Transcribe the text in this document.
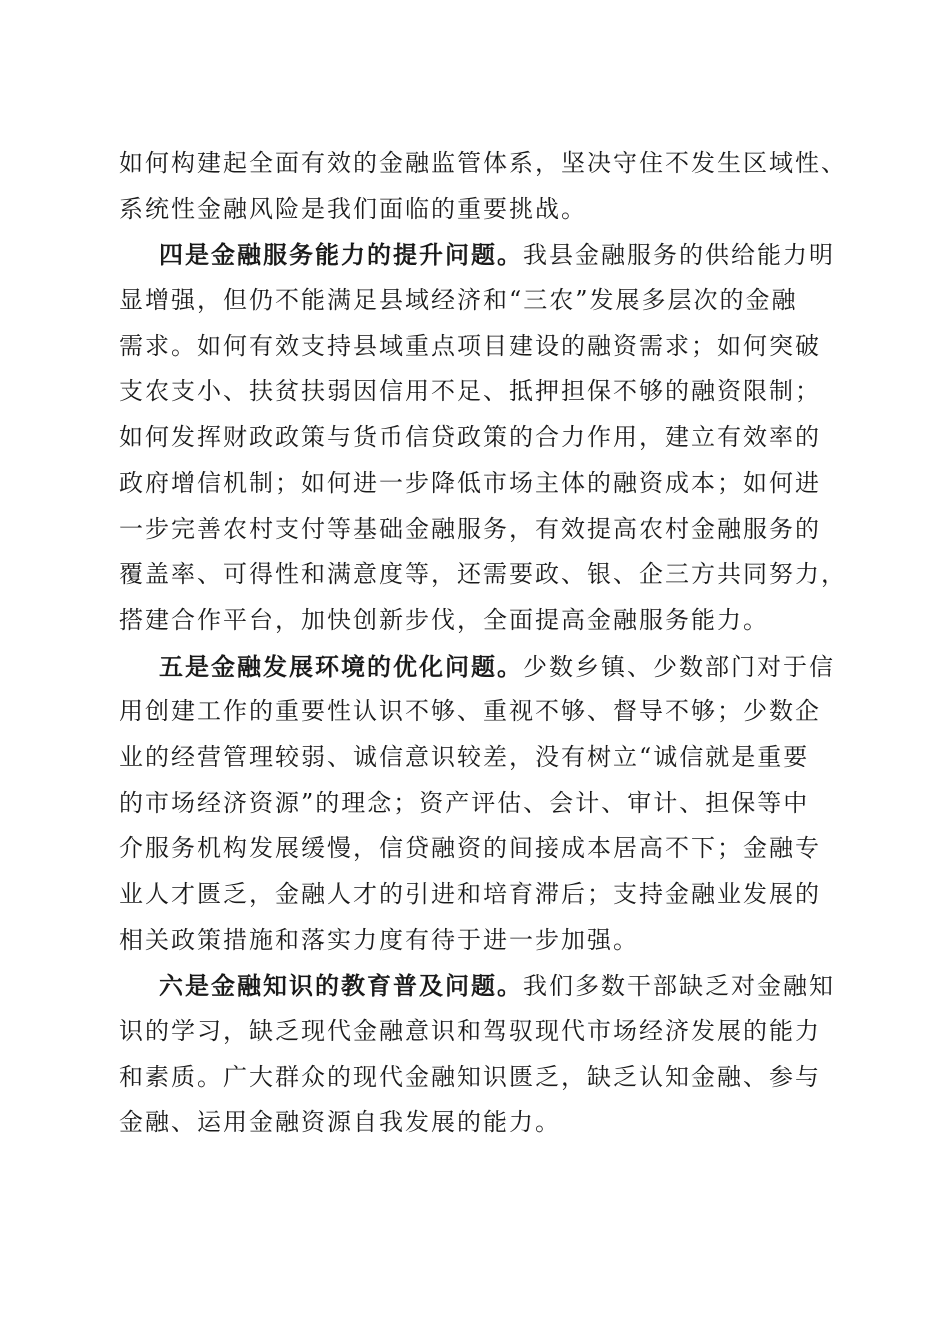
如何构建起全面有效的金融监管体系，坚决守住不发生区域性、
系统性金融风险是我们面临的重要挑战。
四是金融服务能力的提升问题。我县金融服务的供给能力明
显增强，但仍不能满足县域经济和“三农”发展多层次的金融
需求。如何有效支持县域重点项目建设的融资需求；如何突破
支农支小、扶贫扶弱因信用不足、抵押担保不够的融资限制；
如何发挥财政政策与货币信贷政策的合力作用，建立有效率的
政府增信机制；如何进一步降低市场主体的融资成本；如何进
一步完善农村支付等基础金融服务，有效提高农村金融服务的
覆盖率、可得性和满意度等，还需要政、银、企三方共同努力，
搭建合作平台，加快创新步伐，全面提高金融服务能力。
五是金融发展环境的优化问题。少数乡镇、少数部门对于信
用创建工作的重要性认识不够、重视不够、督导不够；少数企
业的经营管理较弱、诚信意识较差，没有树立“诚信就是重要
的市场经济资源”的理念；资产评估、会计、审计、担保等中
介服务机构发展缓慢，信贷融资的间接成本居高不下；金融专
业人才匮乏，金融人才的引进和培育滞后；支持金融业发展的
相关政策措施和落实力度有待于进一步加强。
六是金融知识的教育普及问题。我们多数干部缺乏对金融知
识的学习，缺乏现代金融意识和驾驭现代市场经济发展的能力
和素质。广大群众的现代金融知识匮乏，缺乏认知金融、参与
金融、运用金融资源自我发展的能力。
